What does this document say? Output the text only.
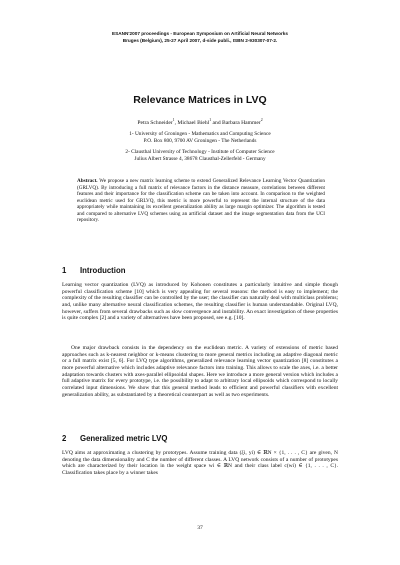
ESANN'2007 proceedings - European Symposium on Artificial Neural Networks
Bruges (Belgium), 25-27 April 2007, d-side publi., ISBN 2-930307-07-2.
Relevance Matrices in LVQ
Petra Schneider$^1$, Michael Biehl$^1$ and Barbara Hammer$^2$
1- University of Groningen - Mathematics and Computing Science
P.O. Box 800, 9700 AV Groningen - The Netherlands
2- Clausthal University of Technology - Institute of Computer Science
Julius Albert Strasse 4, 38678 Clausthal-Zellerfeld - Germany
Abstract. We propose a new matrix learning scheme to extend Generalized Relevance Learning Vector Quantization (GRLVQ). By introducing a full matrix of relevance factors in the distance measure, correlations between different features and their importance for the classification scheme can be taken into account. In comparison to the weighted euclidean metric used for GRLVQ, this metric is more powerful to represent the internal structure of the data appropriately while maintaining its excellent generalization ability as large margin optimizer. The algorithm is tested and compared to alternative LVQ schemes using an artificial dataset and the image segmentation data from the UCI repository.
1 Introduction
Learning vector quantization (LVQ) as introduced by Kohonen constitutes a particularly intuitive and simple though powerful classification scheme [10] which is very appealing for several reasons: the method is easy to implement; the complexity of the resulting classifier can be controlled by the user; the classifier can naturally deal with multiclass problems; and, unlike many alternative neural classification schemes, the resulting classifier is human understandable. Original LVQ, however, suffers from several drawbacks such as slow convergence and instability. An exact investigation of these properties is quite complex [2] and a variety of alternatives have been proposed, see e.g. [10].
One major drawback consists in the dependency on the euclidean metric. A variety of extensions of metric based approaches such as k-nearest neighbor or k-means clustering to more general metrics including an adaptive diagonal metric or a full matrix exist [5, 6]. For LVQ type algorithms, generalized relevance learning vector quantization [8] constitutes a more powerful alternative which includes adaptive relevance factors into training. This allows to scale the axes, i.e. a better adaptation towards clusters with axes-parallel ellipsoidal shapes. Here we introduce a more general version which includes a full adaptive matrix for every prototype, i.e. the possibility to adapt to arbitrary local ellipsoids which correspond to locally correlated input dimensions. We show that this general method leads to efficient and powerful classifiers with excellent generalization ability, as substantiated by a theoretical counterpart as well as two experiments.
2 Generalized metric LVQ
LVQ aims at approximating a clustering by prototypes. Assume training data (ξi, yi) ∈ ℝN × {1, . . . , C} are given, N denoting the data dimensionality and C the number of different classes. A LVQ network consists of a number of prototypes which are characterized by their location in the weight space wi ∈ ℝN and their class label c(wi) ∈ {1, . . . , C}. Classification takes place by a winner takes
37
